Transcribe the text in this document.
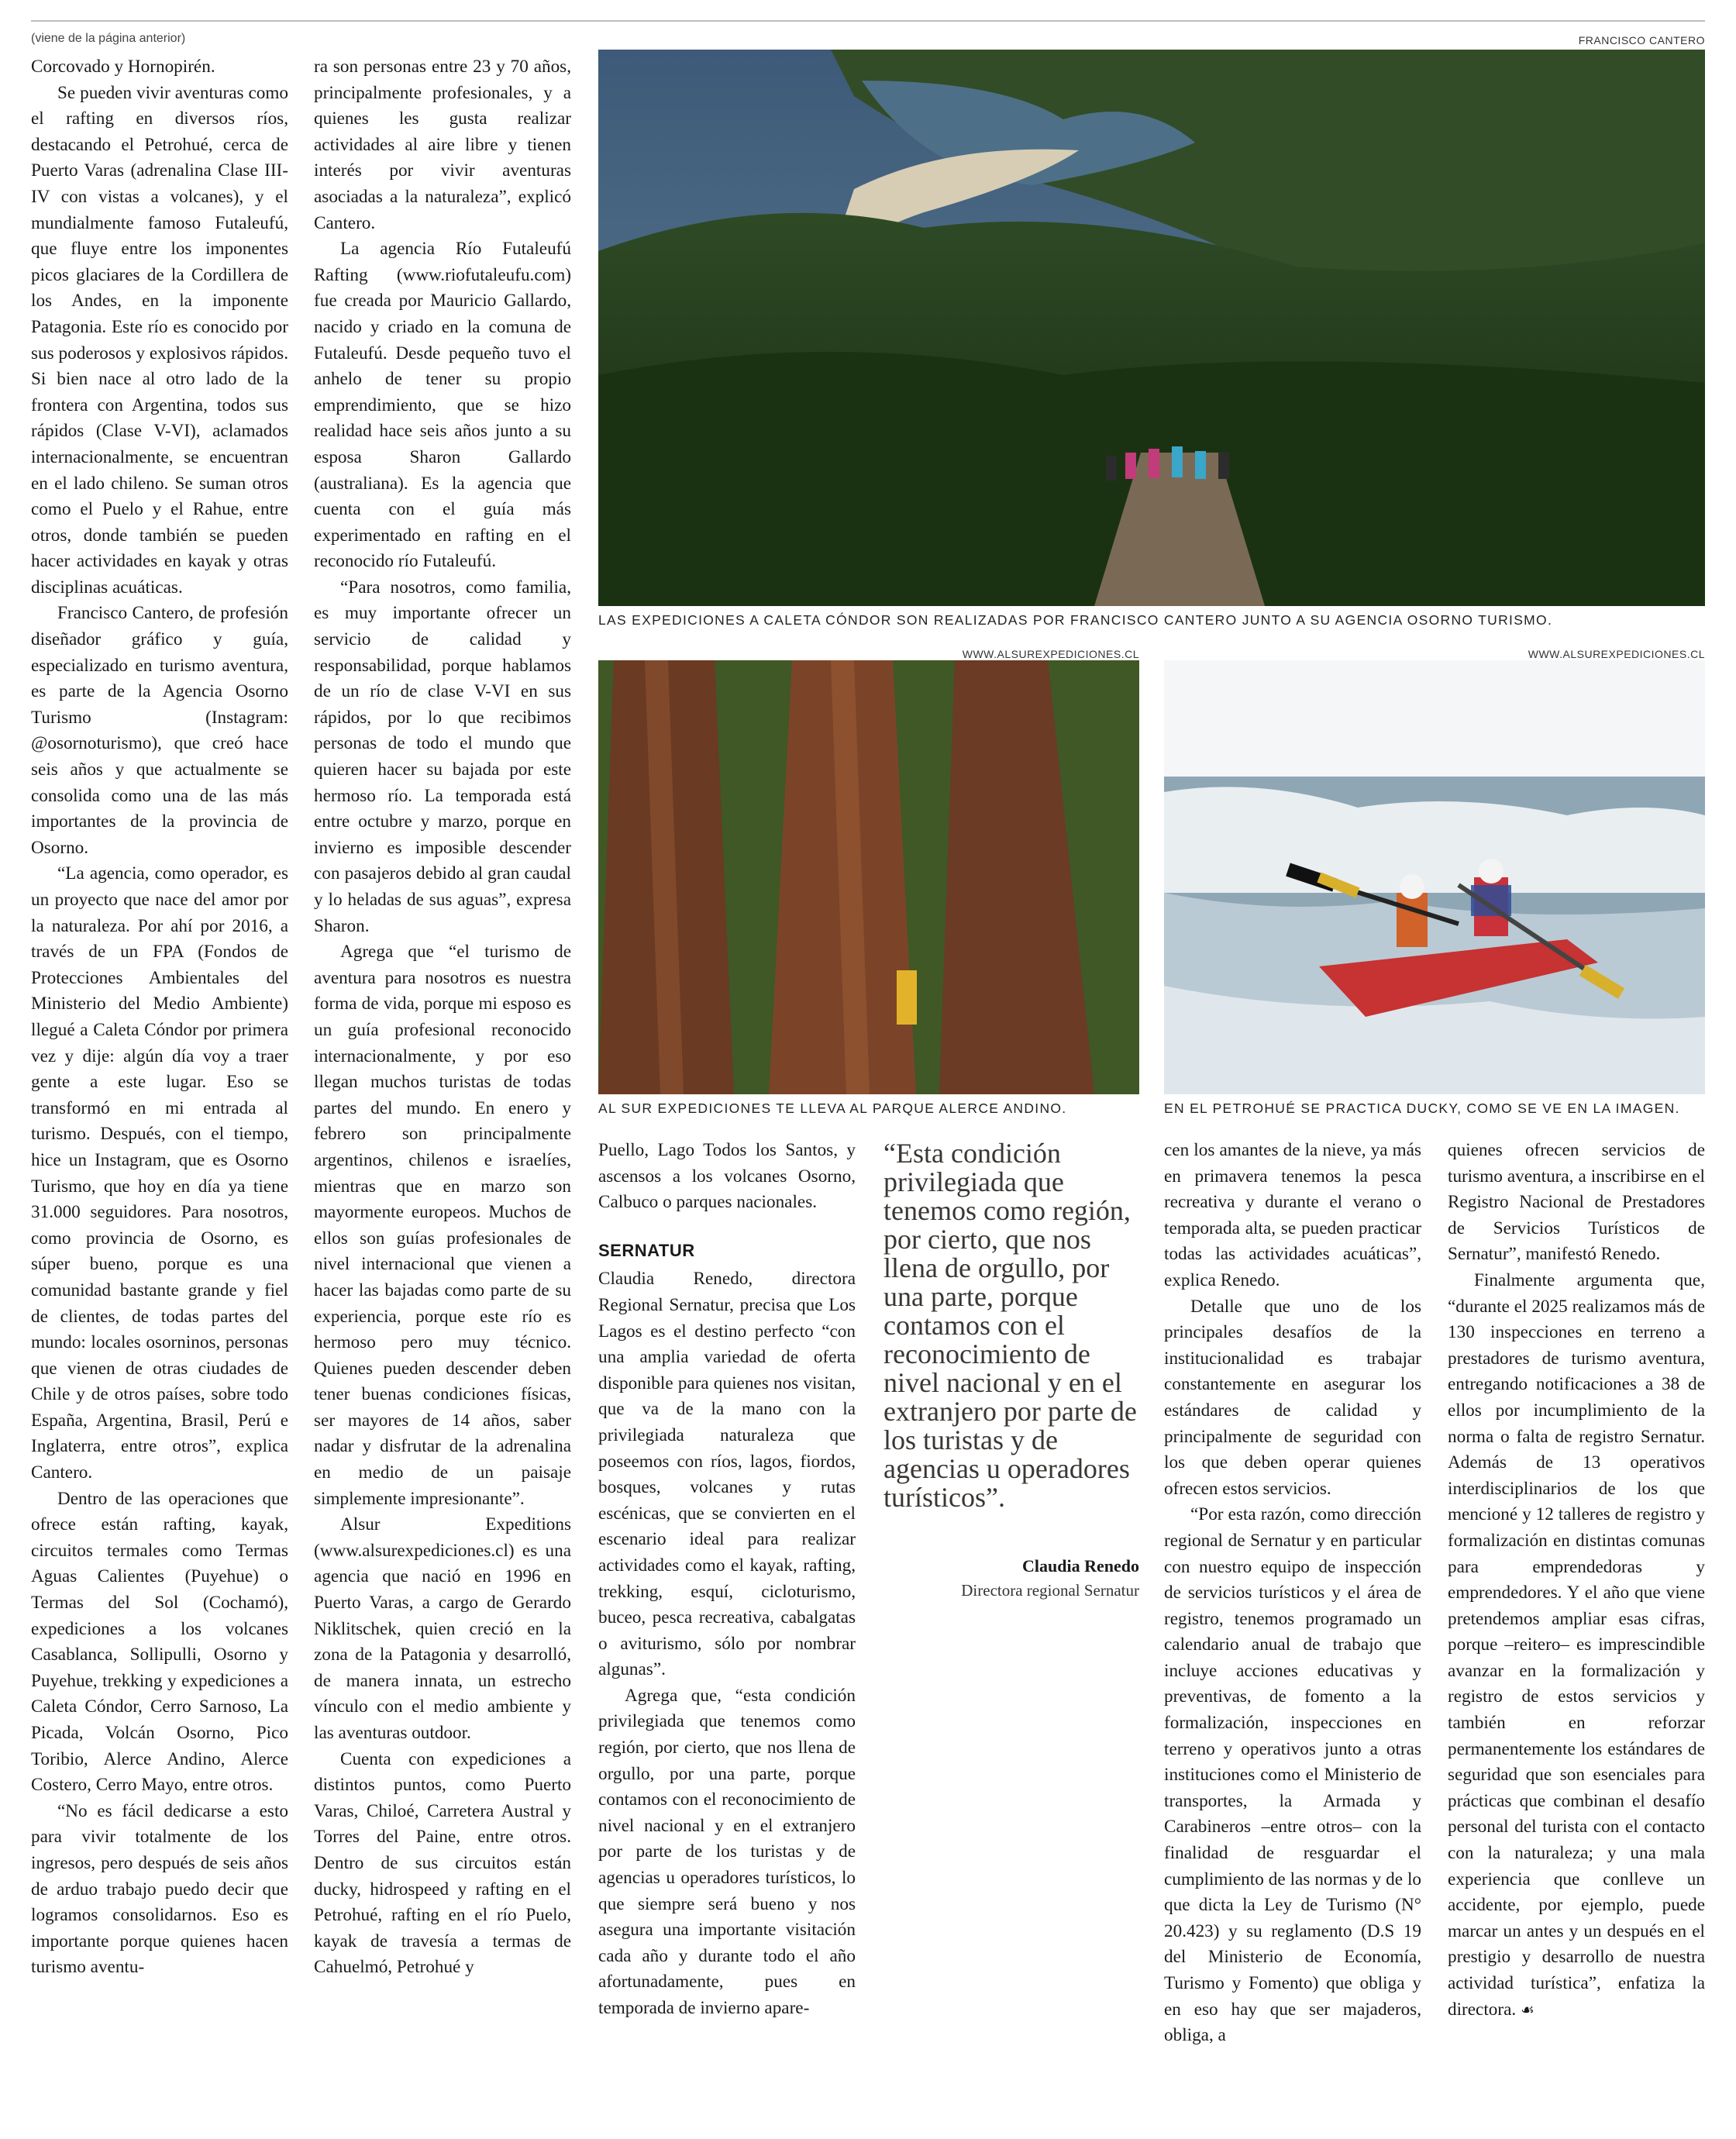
(viene de la página anterior)

Corcovado y Hornopirén.

Se pueden vivir aventuras como el rafting en diversos ríos, destacando el Petrohué, cerca de Puerto Varas (adrenalina Clase III-IV con vistas a volcanes), y el mundialmente famoso Futaleufú, que fluye entre los imponentes picos glaciares de la Cordillera de los Andes, en la imponente Patagonia. Este río es conocido por sus poderosos y explosivos rápidos. Si bien nace al otro lado de la frontera con Argentina, todos sus rápidos (Clase V-VI), aclamados internacionalmente, se encuentran en el lado chileno. Se suman otros como el Puelo y el Rahue, entre otros, donde también se pueden hacer actividades en kayak y otras disciplinas acuáticas.

Francisco Cantero, de profesión diseñador gráfico y guía, especializado en turismo aventura, es parte de la Agencia Osorno Turismo (Instagram: @osornoturismo), que creó hace seis años y que actualmente se consolida como una de las más importantes de la provincia de Osorno.

“La agencia, como operador, es un proyecto que nace del amor por la naturaleza. Por ahí por 2016, a través de un FPA (Fondos de Protecciones Ambientales del Ministerio del Medio Ambiente) llegué a Caleta Cóndor por primera vez y dije: algún día voy a traer gente a este lugar. Eso se transformó en mi entrada al turismo. Después, con el tiempo, hice un Instagram, que es Osorno Turismo, que hoy en día ya tiene 31.000 seguidores. Para nosotros, como provincia de Osorno, es súper bueno, porque es una comunidad bastante grande y fiel de clientes, de todas partes del mundo: locales osorninos, personas que vienen de otras ciudades de Chile y de otros países, sobre todo España, Argentina, Brasil, Perú e Inglaterra, entre otros”, explica Cantero.

Dentro de las operaciones que ofrece están rafting, kayak, circuitos termales como Termas Aguas Calientes (Puyehue) o Termas del Sol (Cochamó), expediciones a los volcanes Casablanca, Sollipulli, Osorno y Puyehue, trekking y expediciones a Caleta Cóndor, Cerro Sarnoso, La Picada, Volcán Osorno, Pico Toribio, Alerce Andino, Alerce Costero, Cerro Mayo, entre otros.

“No es fácil dedicarse a esto para vivir totalmente de los ingresos, pero después de seis años de arduo trabajo puedo decir que logramos consolidarnos. Eso es importante porque quienes hacen turismo aventu-

ra son personas entre 23 y 70 años, principalmente profesionales, y a quienes les gusta realizar actividades al aire libre y tienen interés por vivir aventuras asociadas a la naturaleza”, explicó Cantero.

La agencia Río Futaleufú Rafting (www.riofutaleufu.com) fue creada por Mauricio Gallardo, nacido y criado en la comuna de Futaleufú. Desde pequeño tuvo el anhelo de tener su propio emprendimiento, que se hizo realidad hace seis años junto a su esposa Sharon Gallardo (australiana). Es la agencia que cuenta con el guía más experimentado en rafting en el reconocido río Futaleufú.

“Para nosotros, como familia, es muy importante ofrecer un servicio de calidad y responsabilidad, porque hablamos de un río de clase V-VI en sus rápidos, por lo que recibimos personas de todo el mundo que quieren hacer su bajada por este hermoso río. La temporada está entre octubre y marzo, porque en invierno es imposible descender con pasajeros debido al gran caudal y lo heladas de sus aguas”, expresa Sharon.

Agrega que “el turismo de aventura para nosotros es nuestra forma de vida, porque mi esposo es un guía profesional reconocido internacionalmente, y por eso llegan muchos turistas de todas partes del mundo. En enero y febrero son principalmente argentinos, chilenos e israelíes, mientras que en marzo son mayormente europeos. Muchos de ellos son guías profesionales de nivel internacional que vienen a hacer las bajadas como parte de su experiencia, porque este río es hermoso pero muy técnico. Quienes pueden descender deben tener buenas condiciones físicas, ser mayores de 14 años, saber nadar y disfrutar de la adrenalina en medio de un paisaje simplemente impresionante”.

Alsur Expeditions (www.alsurexpediciones.cl) es una agencia que nació en 1996 en Puerto Varas, a cargo de Gerardo Niklitschek, quien creció en la zona de la Patagonia y desarrolló, de manera innata, un estrecho vínculo con el medio ambiente y las aventuras outdoor.

Cuenta con expediciones a distintos puntos, como Puerto Varas, Chiloé, Carretera Austral y Torres del Paine, entre otros. Dentro de sus circuitos están ducky, hidrospeed y rafting en el Petrohué, rafting en el río Puelo, kayak de travesía a termas de Cahuelmó, Petrohué y

FRANCISCO CANTERO
LAS EXPEDICIONES A CALETA CÓNDOR SON REALIZADAS POR FRANCISCO CANTERO JUNTO A SU AGENCIA OSORNO TURISMO.
WWW.ALSUREXPEDICIONES.CL
AL SUR EXPEDICIONES TE LLEVA AL PARQUE ALERCE ANDINO.
WWW.ALSUREXPEDICIONES.CL
EN EL PETROHUÉ SE PRACTICA DUCKY, COMO SE VE EN LA IMAGEN.

Puello, Lago Todos los Santos, y ascensos a los volcanes Osorno, Calbuco o parques nacionales.

SERNATUR

Claudia Renedo, directora Regional Sernatur, precisa que Los Lagos es el destino perfecto “con una amplia variedad de oferta disponible para quienes nos visitan, que va de la mano con la privilegiada naturaleza que poseemos con ríos, lagos, fiordos, bosques, volcanes y rutas escénicas, que se convierten en el escenario ideal para realizar actividades como el kayak, rafting, trekking, esquí, cicloturismo, buceo, pesca recreativa, cabalgatas o aviturismo, sólo por nombrar algunas”.

Agrega que, “esta condición privilegiada que tenemos como región, por cierto, que nos llena de orgullo, por una parte, porque contamos con el reconocimiento de nivel nacional y en el extranjero por parte de los turistas y de agencias u operadores turísticos, lo que siempre será bueno y nos asegura una importante visitación cada año y durante todo el año afortunadamente, pues en temporada de invierno apare-

“Esta condición privilegiada que tenemos como región, por cierto, que nos llena de orgullo, por una parte, porque contamos con el reconocimiento de nivel nacional y en el extranjero por parte de los turistas y de agencias u operadores turísticos”.
Claudia Renedo
Directora regional Sernatur

cen los amantes de la nieve, ya más en primavera tenemos la pesca recreativa y durante el verano o temporada alta, se pueden practicar todas las actividades acuáticas”, explica Renedo.

Detalle que uno de los principales desafíos de la institucionalidad es trabajar constantemente en asegurar los estándares de calidad y principalmente de seguridad con los que deben operar quienes ofrecen estos servicios.

“Por esta razón, como dirección regional de Sernatur y en particular con nuestro equipo de inspección de servicios turísticos y el área de registro, tenemos programado un calendario anual de trabajo que incluye acciones educativas y preventivas, de fomento a la formalización, inspecciones en terreno y operativos junto a otras instituciones como el Ministerio de transportes, la Armada y Carabineros –entre otros– con la finalidad de resguardar el cumplimiento de las normas y de lo que dicta la Ley de Turismo (N° 20.423) y su reglamento (D.S 19 del Ministerio de Economía, Turismo y Fomento) que obliga y en eso hay que ser majaderos, obliga, a

quienes ofrecen servicios de turismo aventura, a inscribirse en el Registro Nacional de Prestadores de Servicios Turísticos de Sernatur”, manifestó Renedo.

Finalmente argumenta que, “durante el 2025 realizamos más de 130 inspecciones en terreno a prestadores de turismo aventura, entregando notificaciones a 38 de ellos por incumplimiento de la norma o falta de registro Sernatur. Además de 13 operativos interdisciplinarios de los que mencioné y 12 talleres de registro y formalización en distintas comunas para emprendedoras y emprendedores. Y el año que viene pretendemos ampliar esas cifras, porque –reitero– es imprescindible avanzar en la formalización y registro de estos servicios y también en reforzar permanentemente los estándares de seguridad que son esenciales para prácticas que combinan el desafío personal del turista con el contacto con la naturaleza; y una mala experiencia que conlleve un accidente, por ejemplo, puede marcar un antes y un después en el prestigio y desarrollo de nuestra actividad turística”, enfatiza la directora. ☙
